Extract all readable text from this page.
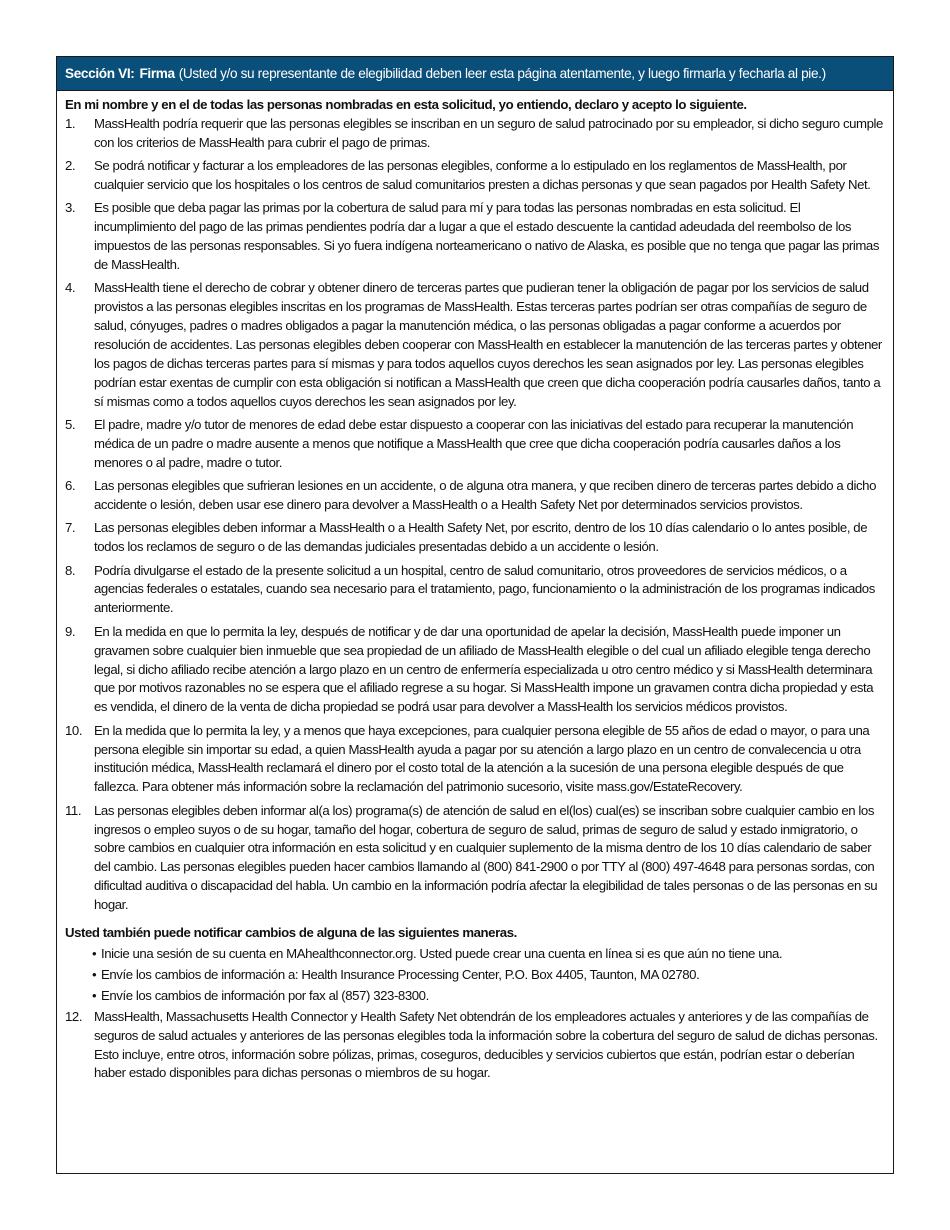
Sección VI: Firma (Usted y/o su representante de elegibilidad deben leer esta página atentamente, y luego firmarla y fecharla al pie.)

En mi nombre y en el de todas las personas nombradas en esta solicitud, yo entiendo, declaro y acepto lo siguiente.

1. MassHealth podría requerir que las personas elegibles se inscriban en un seguro de salud patrocinado por su empleador, si dicho seguro cumple con los criterios de MassHealth para cubrir el pago de primas.
2. Se podrá notificar y facturar a los empleadores de las personas elegibles, conforme a lo estipulado en los reglamentos de MassHealth, por cualquier servicio que los hospitales o los centros de salud comunitarios presten a dichas personas y que sean pagados por Health Safety Net.
3. Es posible que deba pagar las primas por la cobertura de salud para mí y para todas las personas nombradas en esta solicitud. El incumplimiento del pago de las primas pendientes podría dar a lugar a que el estado descuente la cantidad adeudada del reembolso de los impuestos de las personas responsables. Si yo fuera indígena norteamericano o nativo de Alaska, es posible que no tenga que pagar las primas de MassHealth.
4. MassHealth tiene el derecho de cobrar y obtener dinero de terceras partes que pudieran tener la obligación de pagar por los servicios de salud provistos a las personas elegibles inscritas en los programas de MassHealth. Estas terceras partes podrían ser otras compañías de seguro de salud, cónyuges, padres o madres obligados a pagar la manutención médica, o las personas obligadas a pagar conforme a acuerdos por resolución de accidentes. Las personas elegibles deben cooperar con MassHealth en establecer la manutención de las terceras partes y obtener los pagos de dichas terceras partes para sí mismas y para todos aquellos cuyos derechos les sean asignados por ley. Las personas elegibles podrían estar exentas de cumplir con esta obligación si notifican a MassHealth que creen que dicha cooperación podría causarles daños, tanto a sí mismas como a todos aquellos cuyos derechos les sean asignados por ley.
5. El padre, madre y/o tutor de menores de edad debe estar dispuesto a cooperar con las iniciativas del estado para recuperar la manutención médica de un padre o madre ausente a menos que notifique a MassHealth que cree que dicha cooperación podría causarles daños a los menores o al padre, madre o tutor.
6. Las personas elegibles que sufrieran lesiones en un accidente, o de alguna otra manera, y que reciben dinero de terceras partes debido a dicho accidente o lesión, deben usar ese dinero para devolver a MassHealth o a Health Safety Net por determinados servicios provistos.
7. Las personas elegibles deben informar a MassHealth o a Health Safety Net, por escrito, dentro de los 10 días calendario o lo antes posible, de todos los reclamos de seguro o de las demandas judiciales presentadas debido a un accidente o lesión.
8. Podría divulgarse el estado de la presente solicitud a un hospital, centro de salud comunitario, otros proveedores de servicios médicos, o a agencias federales o estatales, cuando sea necesario para el tratamiento, pago, funcionamiento o la administración de los programas indicados anteriormente.
9. En la medida en que lo permita la ley, después de notificar y de dar una oportunidad de apelar la decisión, MassHealth puede imponer un gravamen sobre cualquier bien inmueble que sea propiedad de un afiliado de MassHealth elegible o del cual un afiliado elegible tenga derecho legal, si dicho afiliado recibe atención a largo plazo en un centro de enfermería especializada u otro centro médico y si MassHealth determinara que por motivos razonables no se espera que el afiliado regrese a su hogar. Si MassHealth impone un gravamen contra dicha propiedad y esta es vendida, el dinero de la venta de dicha propiedad se podrá usar para devolver a MassHealth los servicios médicos provistos.
10. En la medida que lo permita la ley, y a menos que haya excepciones, para cualquier persona elegible de 55 años de edad o mayor, o para una persona elegible sin importar su edad, a quien MassHealth ayuda a pagar por su atención a largo plazo en un centro de convalecencia u otra institución médica, MassHealth reclamará el dinero por el costo total de la atención a la sucesión de una persona elegible después de que fallezca. Para obtener más información sobre la reclamación del patrimonio sucesorio, visite mass.gov/EstateRecovery.
11. Las personas elegibles deben informar al(a los) programa(s) de atención de salud en el(los) cual(es) se inscriban sobre cualquier cambio en los ingresos o empleo suyos o de su hogar, tamaño del hogar, cobertura de seguro de salud, primas de seguro de salud y estado inmigratorio, o sobre cambios en cualquier otra información en esta solicitud y en cualquier suplemento de la misma dentro de los 10 días calendario de saber del cambio. Las personas elegibles pueden hacer cambios llamando al (800) 841-2900 o por TTY al (800) 497-4648 para personas sordas, con dificultad auditiva o discapacidad del habla. Un cambio en la información podría afectar la elegibilidad de tales personas o de las personas en su hogar.

Usted también puede notificar cambios de alguna de las siguientes maneras.

• Inicie una sesión de su cuenta en MAhealthconnector.org. Usted puede crear una cuenta en línea si es que aún no tiene una.
• Envíe los cambios de información a: Health Insurance Processing Center, P.O. Box 4405, Taunton, MA 02780.
• Envíe los cambios de información por fax al (857) 323-8300.
12. MassHealth, Massachusetts Health Connector y Health Safety Net obtendrán de los empleadores actuales y anteriores y de las compañías de seguros de salud actuales y anteriores de las personas elegibles toda la información sobre la cobertura del seguro de salud de dichas personas. Esto incluye, entre otros, información sobre pólizas, primas, coseguros, deducibles y servicios cubiertos que están, podrían estar o deberían haber estado disponibles para dichas personas o miembros de su hogar.
